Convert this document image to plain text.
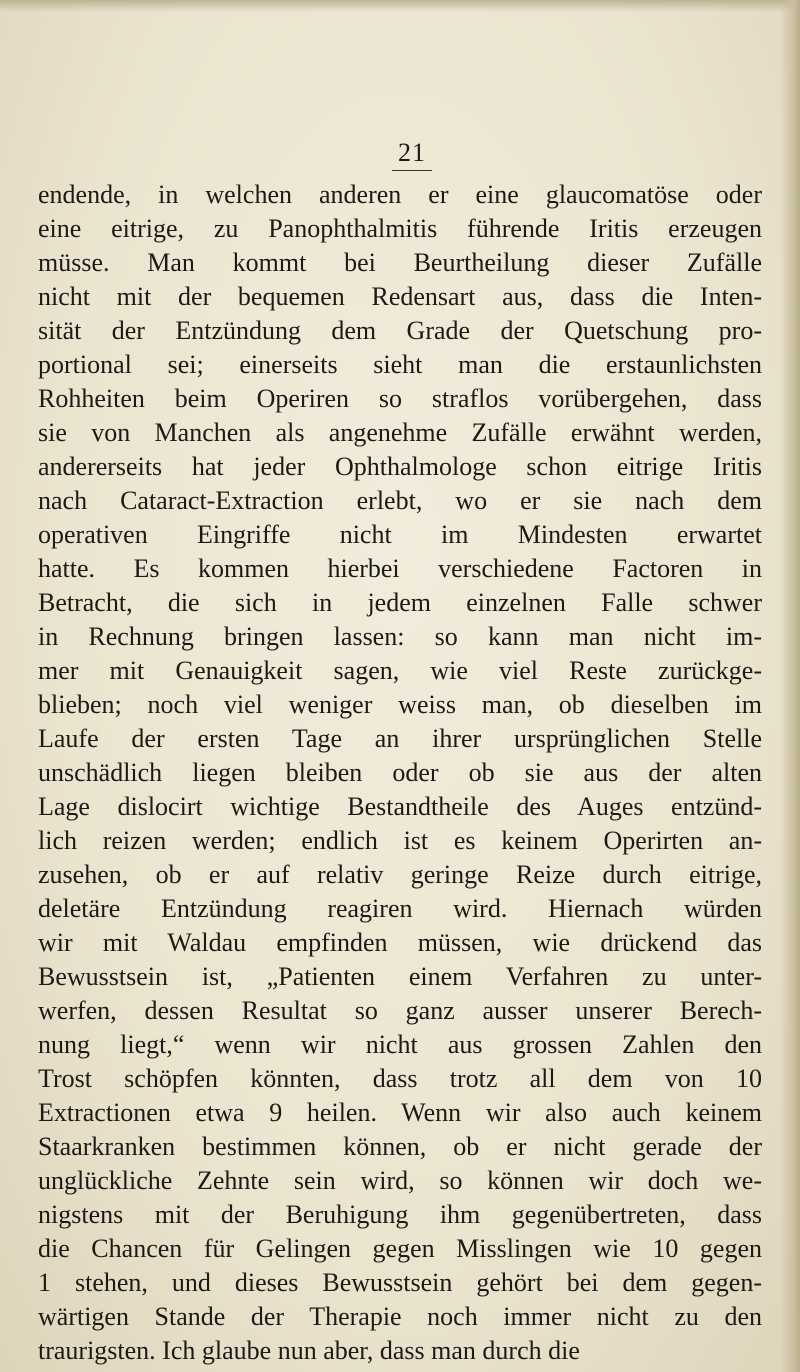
21
endende, in welchen anderen er eine glaucomatöse oder
eine eitrige, zu Panophthalmitis führende Iritis erzeugen
müsse. Man kommt bei Beurtheilung dieser Zufälle
nicht mit der bequemen Redensart aus, dass die Inten-
sität der Entzündung dem Grade der Quetschung pro-
portional sei; einerseits sieht man die erstaunlichsten
Rohheiten beim Operiren so straflos vorübergehen, dass
sie von Manchen als angenehme Zufälle erwähnt werden,
andererseits hat jeder Ophthalmologe schon eitrige Iritis
nach Cataract-Extraction erlebt, wo er sie nach dem
operativen Eingriffe nicht im Mindesten erwartet
hatte. Es kommen hierbei verschiedene Factoren in
Betracht, die sich in jedem einzelnen Falle schwer
in Rechnung bringen lassen: so kann man nicht im-
mer mit Genauigkeit sagen, wie viel Reste zurückge-
blieben; noch viel weniger weiss man, ob dieselben im
Laufe der ersten Tage an ihrer ursprünglichen Stelle
unschädlich liegen bleiben oder ob sie aus der alten
Lage dislocirt wichtige Bestandtheile des Auges entzünd-
lich reizen werden; endlich ist es keinem Operirten an-
zusehen, ob er auf relativ geringe Reize durch eitrige,
deletäre Entzündung reagiren wird. Hiernach würden
wir mit Waldau empfinden müssen, wie drückend das
Bewusstsein ist, „Patienten einem Verfahren zu unter-
werfen, dessen Resultat so ganz ausser unserer Berech-
nung liegt,“ wenn wir nicht aus grossen Zahlen den
Trost schöpfen könnten, dass trotz all dem von 10
Extractionen etwa 9 heilen. Wenn wir also auch keinem
Staarkranken bestimmen können, ob er nicht gerade der
unglückliche Zehnte sein wird, so können wir doch we-
nigstens mit der Beruhigung ihm gegenübertreten, dass
die Chancen für Gelingen gegen Misslingen wie 10 gegen
1 stehen, und dieses Bewusstsein gehört bei dem gegen-
wärtigen Stande der Therapie noch immer nicht zu den
traurigsten. Ich glaube nun aber, dass man durch die
